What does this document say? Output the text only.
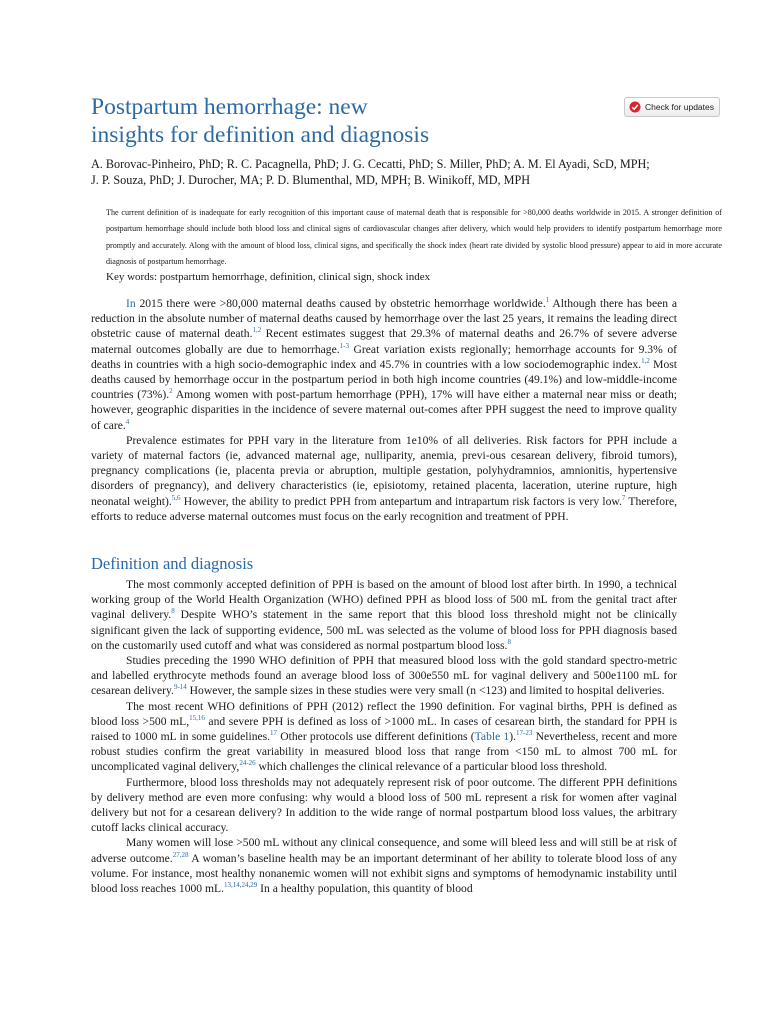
Postpartum hemorrhage: new
insights for definition and diagnosis
Check for updates
A. Borovac-Pinheiro, PhD; R. C. Pacagnella, PhD; J. G. Cecatti, PhD; S. Miller, PhD; A. M. El Ayadi, ScD, MPH;
J. P. Souza, PhD; J. Durocher, MA; P. D. Blumenthal, MD, MPH; B. Winikoff, MD, MPH

The current definition of is inadequate for early recognition of this important cause of maternal death that is responsible for >80,000 deaths worldwide in 2015. A stronger definition of postpartum hemorrhage should include both blood loss and clinical signs of cardiovascular changes after delivery, which would help providers to identify postpartum hemorrhage more promptly and accurately. Along with the amount of blood loss, clinical signs, and specifically the shock index (heart rate divided by systolic blood pressure) appear to aid in more accurate diagnosis of postpartum hemorrhage.

Key words: postpartum hemorrhage, definition, clinical sign, shock index

In 2015 there were >80,000 maternal deaths caused by obstetric hemorrhage worldwide.$^1$ Although there has been a reduction in the absolute number of maternal deaths caused by hemorrhage over the last 25 years, it remains the leading direct obstetric cause of maternal death.$^{1,2}$ Recent estimates suggest that 29.3% of maternal deaths and 26.7% of severe adverse maternal outcomes globally are due to hemorrhage.$^{1-3}$ Great variation exists regionally; hemorrhage accounts for 9.3% of deaths in countries with a high socio-demographic index and 45.7% in countries with a low sociodemographic index.$^{1,2}$ Most deaths caused by hemorrhage occur in the postpartum period in both high income countries (49.1%) and low-middle-income countries (73%).$^2$ Among women with post-partum hemorrhage (PPH), 17% will have either a maternal near miss or death; however, geographic disparities in the incidence of severe maternal out-comes after PPH suggest the need to improve quality of care.$^4$

Prevalence estimates for PPH vary in the literature from 1e10% of all deliveries. Risk factors for PPH include a variety of maternal factors (ie, advanced maternal age, nulliparity, anemia, previ-ous cesarean delivery, fibroid tumors), pregnancy complications (ie, placenta previa or abruption, multiple gestation, polyhydramnios, amnionitis, hypertensive disorders of pregnancy), and delivery characteristics (ie, episiotomy, retained placenta, laceration, uterine rupture, high neonatal weight).$^{5,6}$ However, the ability to predict PPH from antepartum and intrapartum risk factors is very low.$^7$ Therefore, efforts to reduce adverse maternal outcomes must focus on the early recognition and treatment of PPH.

Definition and diagnosis

The most commonly accepted definition of PPH is based on the amount of blood lost after birth. In 1990, a technical working group of the World Health Organization (WHO) defined PPH as blood loss of 500 mL from the genital tract after vaginal delivery.$^8$ Despite WHO’s statement in the same report that this blood loss threshold might not be clinically significant given the lack of supporting evidence, 500 mL was selected as the volume of blood loss for PPH diagnosis based on the customarily used cutoff and what was considered as normal postpartum blood loss.$^8$

Studies preceding the 1990 WHO definition of PPH that measured blood loss with the gold standard spectro-metric and labelled erythrocyte methods found an average blood loss of 300e550 mL for vaginal delivery and 500e1100 mL for cesarean delivery.$^{9-14}$ However, the sample sizes in these studies were very small (n <123) and limited to hospital deliveries.

The most recent WHO definitions of PPH (2012) reflect the 1990 definition. For vaginal births, PPH is defined as blood loss >500 mL,$^{15,16}$ and severe PPH is defined as loss of >1000 mL. In cases of cesarean birth, the standard for PPH is raised to 1000 mL in some guidelines.$^{17}$ Other protocols use different definitions (Table 1).$^{17-23}$ Nevertheless, recent and more robust studies confirm the great variability in measured blood loss that range from <150 mL to almost 700 mL for uncomplicated vaginal delivery,$^{24-26}$ which challenges the clinical relevance of a particular blood loss threshold.

Furthermore, blood loss thresholds may not adequately represent risk of poor outcome. The different PPH definitions by delivery method are even more confusing: why would a blood loss of 500 mL represent a risk for women after vaginal delivery but not for a cesarean delivery? In addition to the wide range of normal postpartum blood loss values, the arbitrary cutoff lacks clinical accuracy.

Many women will lose >500 mL without any clinical consequence, and some will bleed less and will still be at risk of adverse outcome.$^{27,28}$ A woman’s baseline health may be an important determinant of her ability to tolerate blood loss of any volume. For instance, most healthy nonanemic women will not exhibit signs and symptoms of hemodynamic instability until blood loss reaches 1000 mL.$^{13,14,24,29}$ In a healthy population, this quantity of blood
